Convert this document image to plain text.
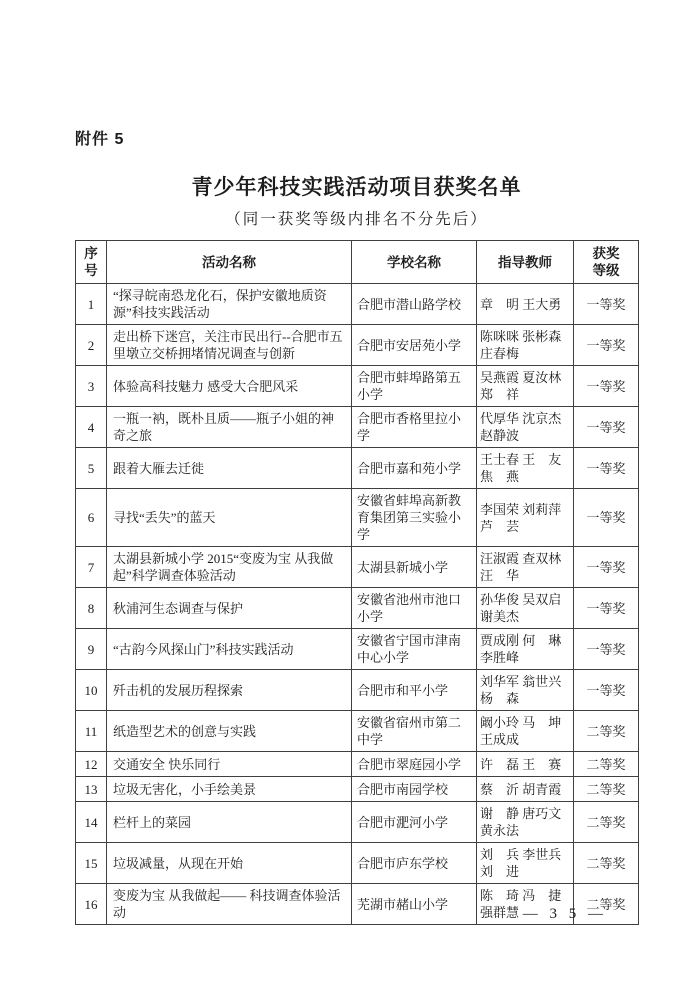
附件 5
青少年科技实践活动项目获奖名单
（同一获奖等级内排名不分先后）
序号	活动名称	学校名称	指导教师	获奖等级
1	“探寻皖南恐龙化石，保护安徽地质资源”科技实践活动	合肥市潜山路学校	章　明 王大勇	一等奖
2	走出桥下迷宫，关注市民出行--合肥市五里墩立交桥拥堵情况调查与创新	合肥市安居苑小学	陈咪咪 张彬森 庄春梅	一等奖
3	体验高科技魅力 感受大合肥风采	合肥市蚌埠路第五小学	吴燕霞 夏汝林 郑　祥	一等奖
4	一瓶一衲，既朴且质——瓶子小姐的神奇之旅	合肥市香格里拉小学	代厚华 沈京杰 赵静波	一等奖
5	跟着大雁去迁徙	合肥市嘉和苑小学	王士春 王　友 焦　燕	一等奖
6	寻找“丢失”的蓝天	安徽省蚌埠高新教育集团第三实验小学	李国荣 刘莉萍 芦　芸	一等奖
7	太湖县新城小学 2015“变废为宝 从我做起”科学调查体验活动	太湖县新城小学	汪淑霞 查双林 汪　华	一等奖
8	秋浦河生态调查与保护	安徽省池州市池口小学	孙华俊 吴双启 谢美杰	一等奖
9	“古韵今风探山门”科技实践活动	安徽省宁国市津南中心小学	贾成刚 何　琳 李胜峰	一等奖
10	歼击机的发展历程探索	合肥市和平小学	刘华军 翁世兴 杨　森	一等奖
11	纸造型艺术的创意与实践	安徽省宿州市第二中学	阚小玲 马　坤 王成成	二等奖
12	交通安全 快乐同行	合肥市翠庭园小学	许　磊 王　赛	二等奖
13	垃圾无害化，小手绘美景	合肥市南园学校	蔡　沂 胡青霞	二等奖
14	栏杆上的菜园	合肥市淝河小学	谢　静 唐巧文 黄永法	二等奖
15	垃圾减量，从现在开始	合肥市庐东学校	刘　兵 李世兵 刘　进	二等奖
16	变废为宝 从我做起—— 科技调查体验活动	芜湖市赭山小学	陈　琦 冯　捷 强群慧	二等奖
— 3 5 —
